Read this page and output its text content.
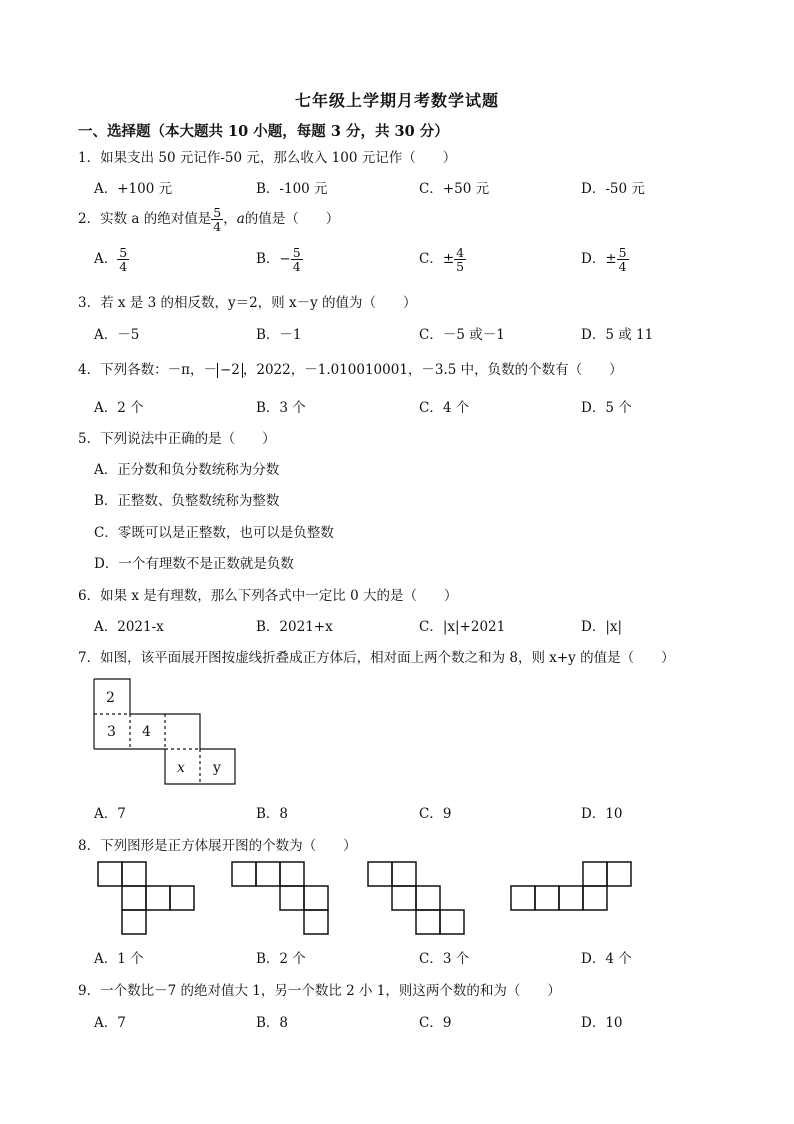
七年级上学期月考数学试题
一、选择题（本大题共 10 小题，每题 3 分，共 30 分）
1．如果支出 50 元记作-50 元，那么收入 100 元记作（　　）
A．+100 元	B．-100 元	C．+50 元	D．-50 元
2．实数 a 的绝对值是 $\frac{5}{4}$ ，a的值是（　　）
A． $\frac{5}{4}$	B．− $\frac{5}{4}$	C．± $\frac{4}{5}$	D．± $\frac{5}{4}$
3．若 x 是 3 的相反数，y＝2，则 x－y 的值为（　　）
A．－5	B．－1	C．－5 或－1	D．5 或 11
4．下列各数：－π，－ −2 ，2022，－1.010010001，－3.5 中，负数的个数有（　　）
A．2 个	B．3 个	C．4 个	D．5 个
5．下列说法中正确的是（　　）
A．正分数和负分数统称为分数
B．正整数、负整数统称为整数
C．零既可以是正整数，也可以是负整数
D．一个有理数不是正数就是负数
6．如果 x 是有理数，那么下列各式中一定比 0 大的是（　　）
A．2021-x	B．2021+x	C．|x|+2021	D．|x|
7．如图，该平面展开图按虚线折叠成正方体后，相对面上两个数之和为 8，则 x+y 的值是（　　）
2
3 4
x y
A．7	B．8	C．9	D．10
8．下列图形是正方体展开图的个数为（　　）
A．1 个	B．2 个	C．3 个	D．4 个
9．一个数比－7 的绝对值大 1，另一个数比 2 小 1，则这两个数的和为（　　）
A．7	B．8	C．9	D．10
